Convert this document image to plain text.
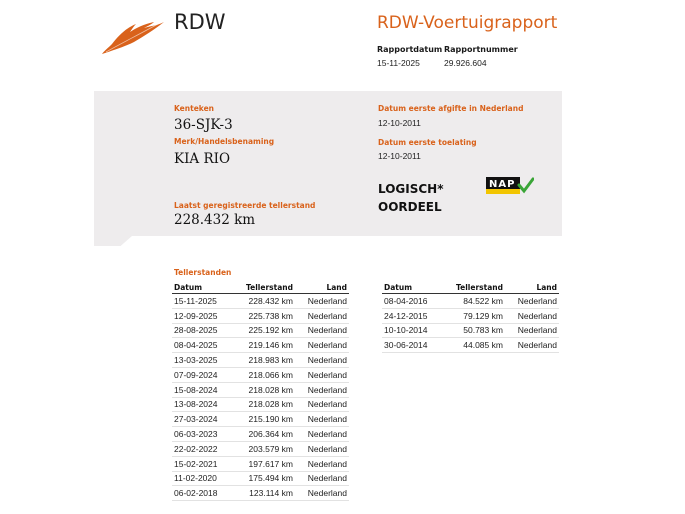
RDW	RDW-Voertuigrapport
Rapportdatum Rapportnummer
15-11-2025	29.926.604
Kenteken
36-SJK-3
Merk/Handelsbenaming
KIA RIO
Laatst geregistreerde tellerstand
228.432 km
Datum eerste afgifte in Nederland
12-10-2011
Datum eerste toelating
12-10-2011
LOGISCH*
OORDEEL
NAP
Tellerstanden
Datum	Tellerstand	Land
15-11-2025	228.432 km	Nederland
12-09-2025	225.738 km	Nederland
28-08-2025	225.192 km	Nederland
08-04-2025	219.146 km	Nederland
13-03-2025	218.983 km	Nederland
07-09-2024	218.066 km	Nederland
15-08-2024	218.028 km	Nederland
13-08-2024	218.028 km	Nederland
27-03-2024	215.190 km	Nederland
06-03-2023	206.364 km	Nederland
22-02-2022	203.579 km	Nederland
15-02-2021	197.617 km	Nederland
11-02-2020	175.494 km	Nederland
06-02-2018	123.114 km	Nederland
Datum	Tellerstand	Land
08-04-2016	84.522 km	Nederland
24-12-2015	79.129 km	Nederland
10-10-2014	50.783 km	Nederland
30-06-2014	44.085 km	Nederland
